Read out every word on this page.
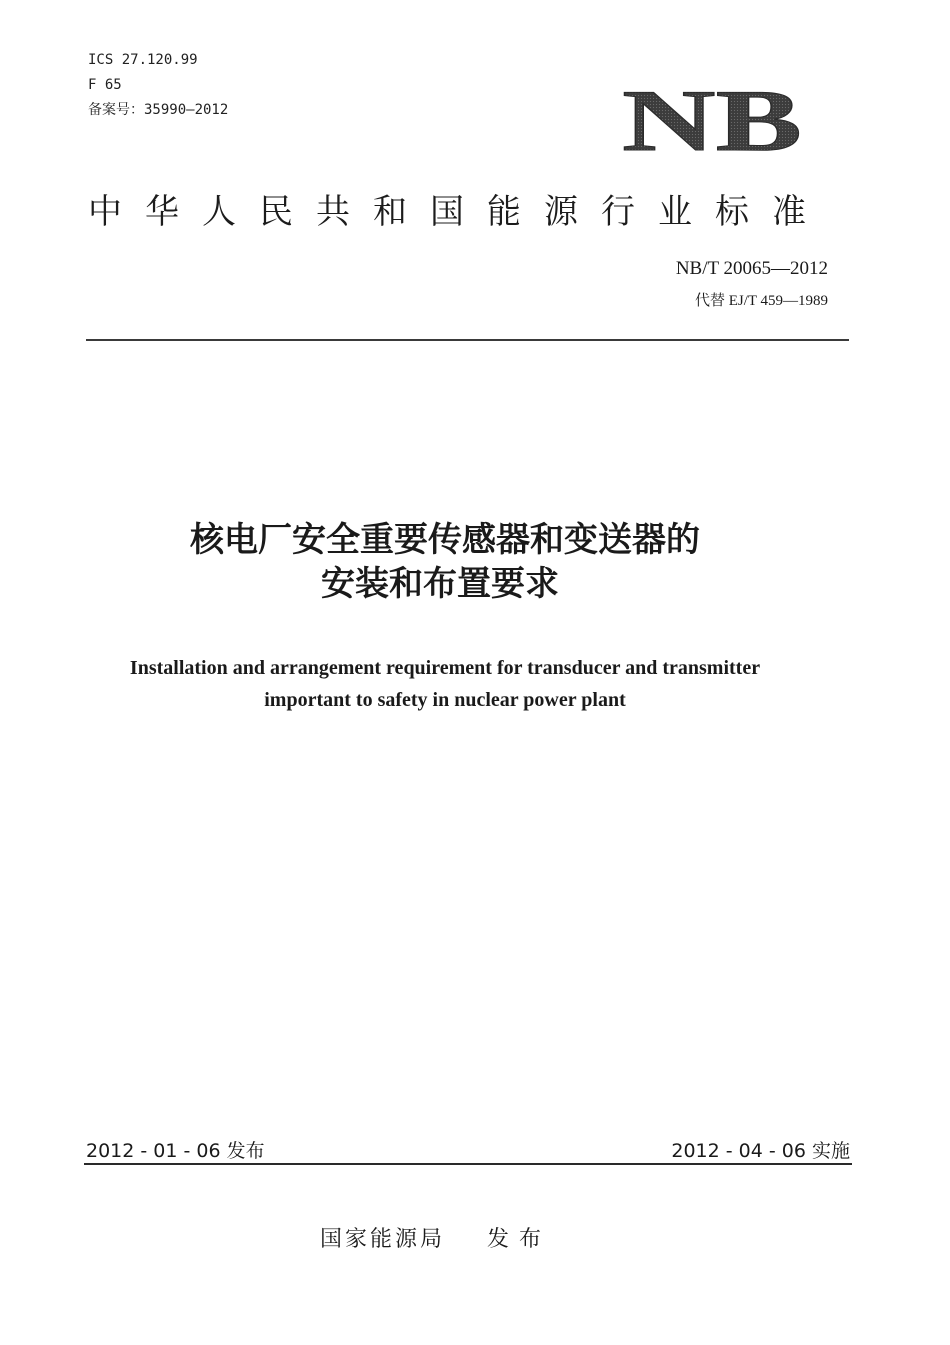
ICS 27.120.99
F 65
备案号：35990—2012	NB
中华人民共和国能源行业标准
NB/T 20065—2012
代替 EJ/T 459—1989
核电厂安全重要传感器和变送器的
安装和布置要求
Installation and arrangement requirement for transducer and transmitter
important to safety in nuclear power plant
2012 - 01 - 06 发布	2012 - 04 - 06 实施
国家能源局 发布
